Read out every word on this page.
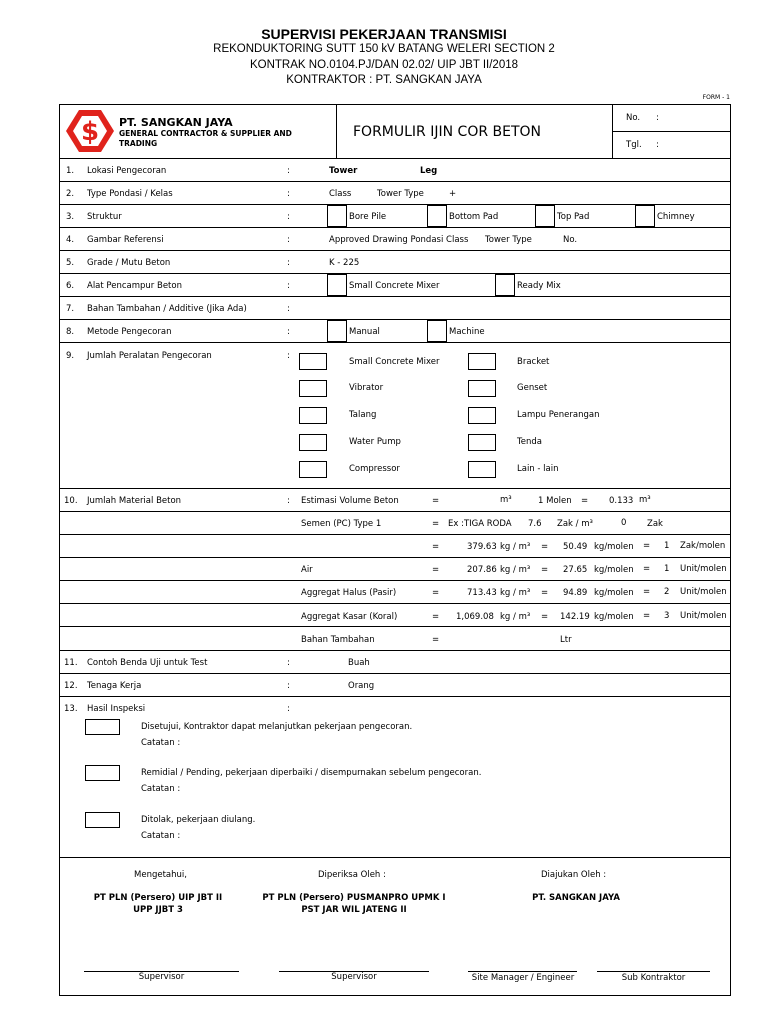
SUPERVISI PEKERJAAN TRANSMISI
REKONDUKTORING SUTT 150 kV BATANG WELERI SECTION 2
KONTRAK NO.0104.PJ/DAN 02.02/ UIP JBT II/2018
KONTRAKTOR : PT. SANGKAN JAYA
FORM - 1
$ PT. SANGKAN JAYA
GENERAL CONTRACTOR & SUPPLIER AND
TRADING
FORMULIR IJIN COR BETON
No. :
Tgl. :
1. Lokasi Pengecoran	:	Tower	Leg
2. Type Pondasi / Kelas	:	Class	Tower Type	+
3. Struktur	:	Bore Pile	Bottom Pad	Top Pad	Chimney
4. Gambar Referensi	:	Approved Drawing Pondasi Class Tower Type	No.
5. Grade / Mutu Beton	:	K - 225
6. Alat Pencampur Beton	:	Small Concrete Mixer	Ready Mix
7. Bahan Tambahan / Additive (Jika Ada)	:
8. Metode Pengecoran	:	Manual	Machine
9. Jumlah Peralatan Pengecoran	:
Small Concrete Mixer
Vibrator
Talang
Water Pump
Compressor
Bracket
Genset
Lampu Penerangan
Tenda
Lain - lain
10. Jumlah Material Beton	: Estimasi Volume Beton	=	m³	1 Molen = 0.133 m³
Semen (PC) Type 1	= Ex :TIGA RODA 7.6 Zak / m³	0 Zak
=	379.63 kg / m³ = 50.49 kg/molen = 1 Zak/molen
Air	=	207.86 kg / m³ = 27.65 kg/molen = 1 Unit/molen
Aggregat Halus (Pasir)	=	713.43 kg / m³ = 94.89 kg/molen = 2 Unit/molen
Aggregat Kasar (Koral)	= 1,069.08 kg / m³ = 142.19 kg/molen = 3 Unit/molen
Bahan Tambahan	=	Ltr
11. Contoh Benda Uji untuk Test	:	Buah
12. Tenaga Kerja	:	Orang
13. Hasil Inspeksi	:
Disetujui, Kontraktor dapat melanjutkan pekerjaan pengecoran.
Catatan :
Remidial / Pending, pekerjaan diperbaiki / disempurnakan sebelum pengecoran.
Catatan :
Ditolak, pekerjaan diulang.
Catatan :
Mengetahui,	Diperiksa Oleh :	Diajukan Oleh :
PT PLN (Persero) UIP JBT II
UPP JJBT 3
PT PLN (Persero) PUSMANPRO UPMK I
PST JAR WIL JATENG II
PT. SANGKAN JAYA
Supervisor	Supervisor	Site Manager / Engineer	Sub Kontraktor
